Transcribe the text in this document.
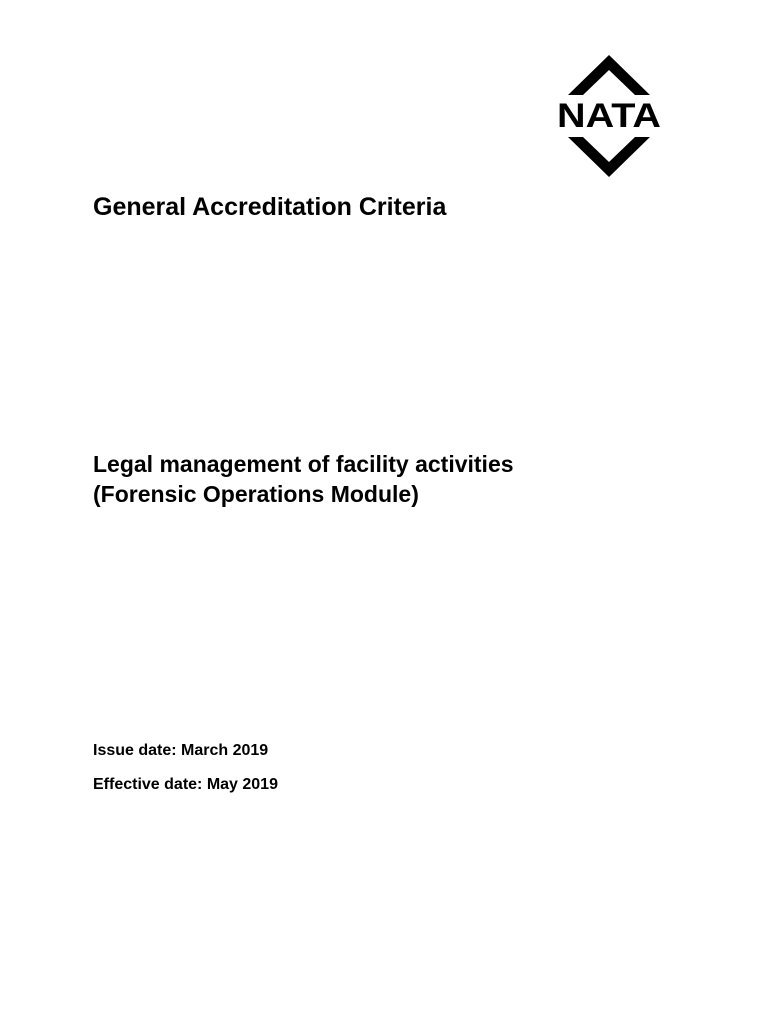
NATA
General Accreditation Criteria
Legal management of facility activities
(Forensic Operations Module)

Issue date: March 2019

Effective date: May 2019
